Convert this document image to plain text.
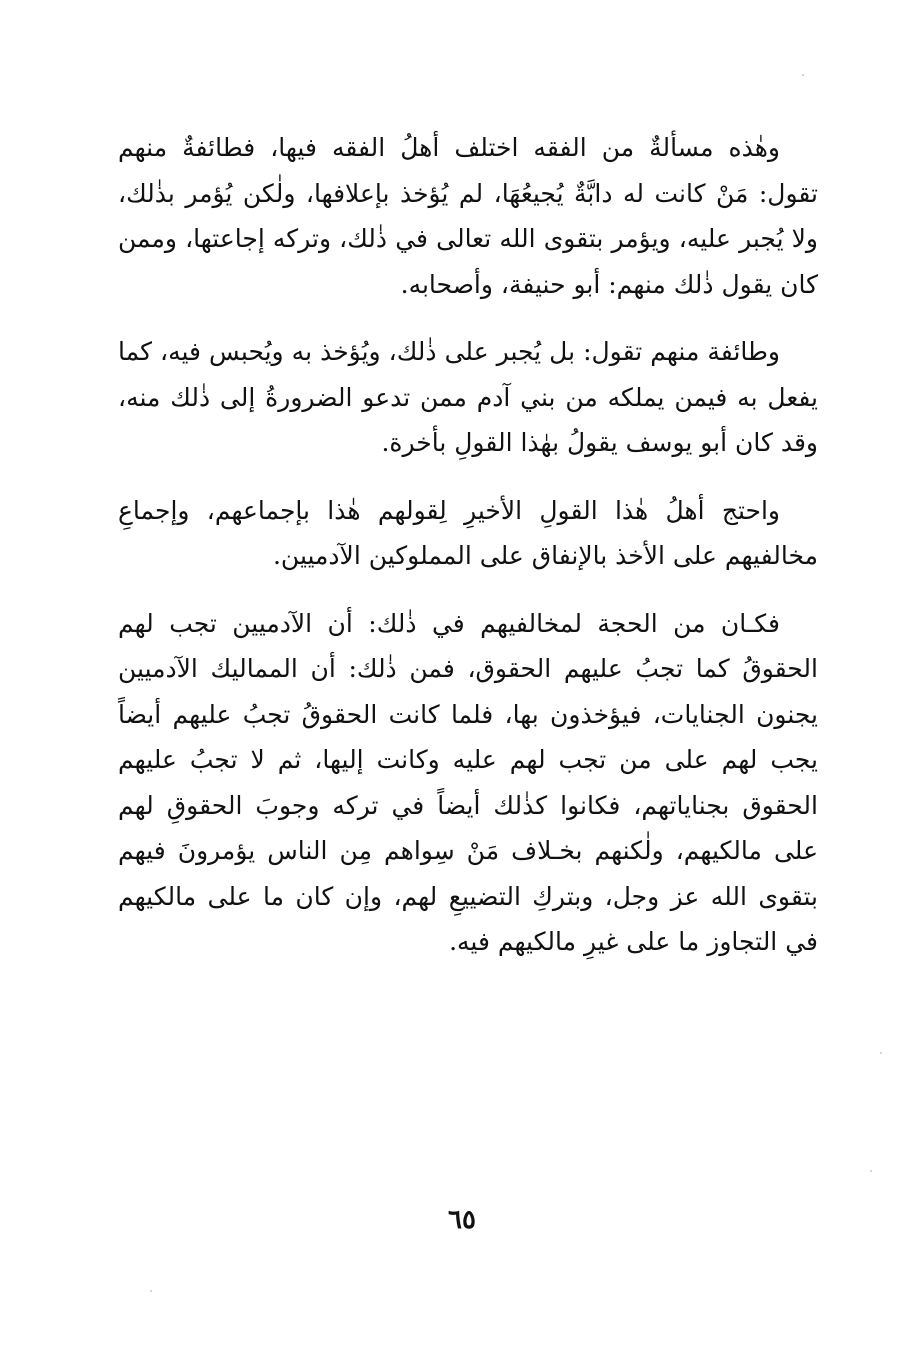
وهٰذه مسألةٌ من الفقه اختلف أهلُ الفقه فيها، فطائفةٌ منهم تقول: مَنْ كانت له دابَّةٌ يُجيعُهَا، لم يُؤخذ بإعلافها، ولٰكن يُؤمر بذٰلك، ولا يُجبر عليه، ويؤمر بتقوى الله تعالى في ذٰلك، وتركه إجاعتها، وممن كان يقول ذٰلك منهم: أبو حنيفة، وأصحابه.

وطائفة منهم تقول: بل يُجبر على ذٰلك، ويُؤخذ به ويُحبس فيه، كما يفعل به فيمن يملكه من بني آدم ممن تدعو الضرورةُ إلى ذٰلك منه، وقد كان أبو يوسف يقولُ بهٰذا القولِ بأخرة.

واحتج أهلُ هٰذا القولِ الأخيرِ لِقولهم هٰذا بإجماعهم، وإجماعِ مخالفيهم على الأخذ بالإنفاق على المملوكين الآدميين.

فكـان من الحجة لمخالفيهم في ذٰلك: أن الآدميين تجب لهم الحقوقُ كما تجبُ عليهم الحقوق، فمن ذٰلك: أن المماليك الآدميين يجنون الجنايات، فيؤخذون بها، فلما كانت الحقوقُ تجبُ عليهم أيضاً يجب لهم على من تجب لهم عليه وكانت إليها، ثم لا تجبُ عليهم الحقوق بجناياتهم، فكانوا كذٰلك أيضاً في تركه وجوبَ الحقوقِ لهم على مالكيهم، ولٰكنهم بخـلاف مَنْ سِواهم مِن الناس يؤمرونَ فيهم بتقوى الله عز وجل، وبتركِ التضييعِ لهم، وإن كان ما على مالكيهم في التجاوز ما على غيرِ مالكيهم فيه.

٦٥
